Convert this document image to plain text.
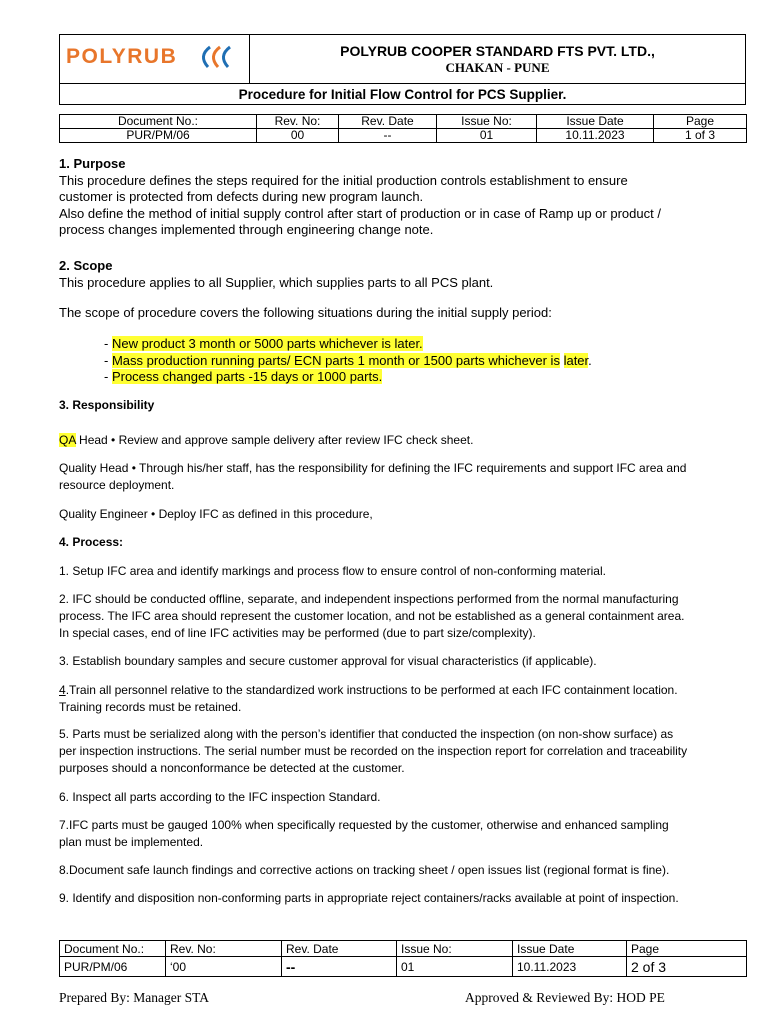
POLYRUB	POLYRUB COOPER STANDARD FTS PVT. LTD.,
CHAKAN - PUNE

Procedure for Initial Flow Control for PCS Supplier.
Document No.:	Rev. No:	Rev. Date	Issue No:	Issue Date	Page
PUR/PM/06	00	--	01	10.11.2023	1 of 3
1. Purpose
This procedure defines the steps required for the initial production controls establishment to ensure
customer is protected from defects during new program launch.
Also define the method of initial supply control after start of production or in case of Ramp up or product /
process changes implemented through engineering change note.
2. Scope
This procedure applies to all Supplier, which supplies parts to all PCS plant.
The scope of procedure covers the following situations during the initial supply period:
- New product 3 month or 5000 parts whichever is later.
- Mass production running parts/ ECN parts 1 month or 1500 parts whichever is later.
- Process changed parts -15 days or 1000 parts.
3. Responsibility
QA Head • Review and approve sample delivery after review IFC check sheet.
Quality Head • Through his/her staff, has the responsibility for defining the IFC requirements and support IFC area and
resource deployment.
Quality Engineer • Deploy IFC as defined in this procedure,
4. Process:
1. Setup IFC area and identify markings and process flow to ensure control of non-conforming material.
2. IFC should be conducted offline, separate, and independent inspections performed from the normal manufacturing
process. The IFC area should represent the customer location, and not be established as a general containment area.
In special cases, end of line IFC activities may be performed (due to part size/complexity).
3. Establish boundary samples and secure customer approval for visual characteristics (if applicable).
4.Train all personnel relative to the standardized work instructions to be performed at each IFC containment location.
Training records must be retained.
5. Parts must be serialized along with the person’s identifier that conducted the inspection (on non-show surface) as
per inspection instructions. The serial number must be recorded on the inspection report for correlation and traceability
purposes should a nonconformance be detected at the customer.
6. Inspect all parts according to the IFC inspection Standard.
7.IFC parts must be gauged 100% when specifically requested by the customer, otherwise and enhanced sampling
plan must be implemented.
8.Document safe launch findings and corrective actions on tracking sheet / open issues list (regional format is fine).
9. Identify and disposition non-conforming parts in appropriate reject containers/racks available at point of inspection.
Document No.:	Rev. No:	Rev. Date	Issue No:	Issue Date	Page
PUR/PM/06	‘00	--	01	10.11.2023	2 of 3
Prepared By: Manager STA	Approved & Reviewed By: HOD PE
